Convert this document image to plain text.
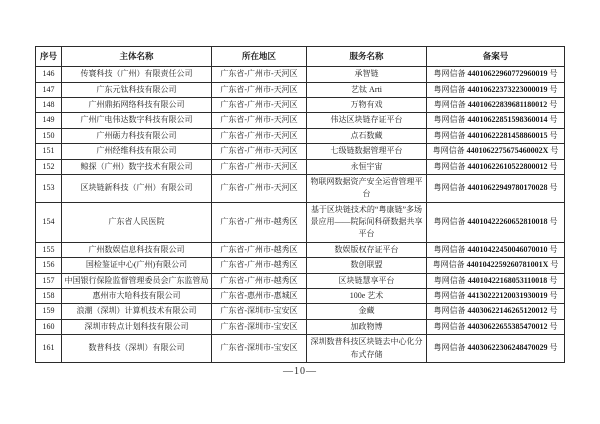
序号	主体名称	所在地区	服务名称	备案号
146	传寰科技（广州）有限责任公司	广东省-广州市-天河区	承智链	粤网信备 44010622960772960019 号
147	广东元钛科技有限公司	广东省-广州市-天河区	艺钛 Arti	粤网信备 44010622373223000019 号
148	广州鼎拓网络科技有限公司	广东省-广州市-天河区	万物有戏	粤网信备 44010622839681180012 号
149	广州广电伟达数字科技有限公司	广东省-广州市-天河区	伟达区块链存证平台	粤网信备 44010622851598360014 号
150	广州砺力科技有限公司	广东省-广州市-天河区	点石数藏	粤网信备 44010622281458860015 号
151	广州经维科技有限公司	广东省-广州市-天河区	七级链数据管理平台	粤网信备 4401062275675460002X 号
152	鲸探（广州）数字技术有限公司	广东省-广州市-天河区	永恒宇宙	粤网信备 44010622610522800012 号
153	区块链新科技（广州）有限公司	广东省-广州市-天河区	物联网数据资产安全运营管理平台	粤网信备 44010622949780170028 号
154	广东省人民医院	广东省-广州市-越秀区	基于区块链技术的“粤康链”多场景应用——院际间科研数据共享平台	粤网信备 44010422260652810018 号
155	广州数娱信息科技有限公司	广东省-广州市-越秀区	数娱版权存证平台	粤网信备 44010422450046070010 号
156	国检鉴证中心(广州)有限公司	广东省-广州市-越秀区	数创联盟	粤网信备 4401042259260781001X 号
157	中国银行保险监督管理委员会广东监管局	广东省-广州市-越秀区	区块链慧享平台	粤网信备 44010422168053110018 号
158	惠州市大哈科技有限公司	广东省-惠州市-惠城区	100e 艺术	粤网信备 44130222120031930019 号
159	浪潮（深圳）计算机技术有限公司	广东省-深圳市-宝安区	金藏	粤网信备 44030622146265120012 号
160	深圳市转点计划科技有限公司	广东省-深圳市-宝安区	加政物博	粤网信备 44030622655385470012 号
161	数普科技（深圳）有限公司	广东省-深圳市-宝安区	深圳数普科技区块链去中心化分布式存储	粤网信备 44030622306248470029 号
—10—
